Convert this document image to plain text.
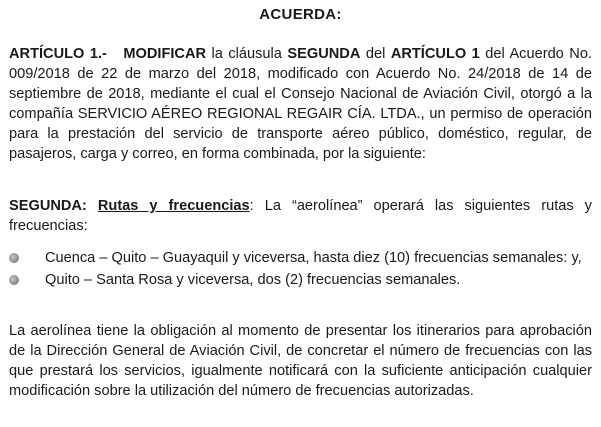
ACUERDA:
ARTÍCULO 1.- MODIFICAR la cláusula SEGUNDA del ARTÍCULO 1 del Acuerdo No. 009/2018 de 22 de marzo del 2018, modificado con Acuerdo No. 24/2018 de 14 de septiembre de 2018, mediante el cual el Consejo Nacional de Aviación Civil, otorgó a la compañía SERVICIO AÉREO REGIONAL REGAIR CÍA. LTDA., un permiso de operación para la prestación del servicio de transporte aéreo público, doméstico, regular, de pasajeros, carga y correo, en forma combinada, por la siguiente:
SEGUNDA: Rutas y frecuencias: La “aerolínea” operará las siguientes rutas y frecuencias:
Cuenca – Quito – Guayaquil y viceversa, hasta diez (10) frecuencias semanales: y,
Quito – Santa Rosa y viceversa, dos (2) frecuencias semanales.
La aerolínea tiene la obligación al momento de presentar los itinerarios para aprobación de la Dirección General de Aviación Civil, de concretar el número de frecuencias con las que prestará los servicios, igualmente notificará con la suficiente anticipación cualquier modificación sobre la utilización del número de frecuencias autorizadas.
